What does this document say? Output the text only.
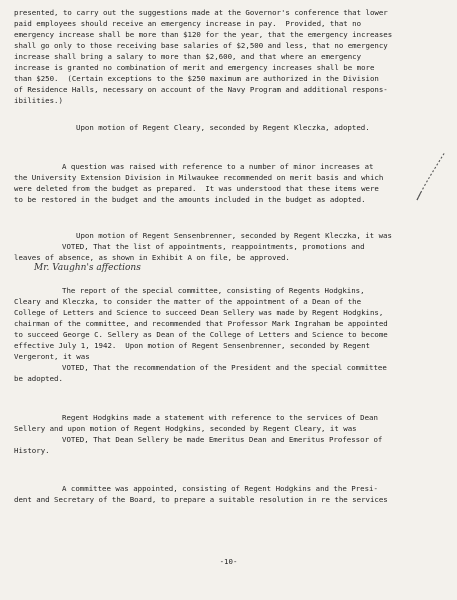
presented, to carry out the suggestions made at the Governor's conference that lower
paid employees should receive an emergency increase in pay.  Provided, that no
emergency increase shall be more than $120 for the year, that the emergency increases
shall go only to those receiving base salaries of $2,500 and less, that no emergency
increase shall bring a salary to more than $2,600, and that where an emergency
increase is granted no combination of merit and emergency increases shall be more
than $250.  (Certain exceptions to the $250 maximum are authorized in the Division
of Residence Halls, necessary on account of the Navy Program and additional respons-
ibilities.)
Upon motion of Regent Cleary, seconded by Regent Kleczka, adopted.
A question was raised with reference to a number of minor increases at
the University Extension Division in Milwaukee recommended on merit basis and which
were deleted from the budget as prepared.  It was understood that these items were
to be restored in the budget and the amounts included in the budget as adopted.
Upon motion of Regent Sensenbrenner, seconded by Regent Kleczka, it was
VOTED, That the list of appointments, reappointments, promotions and
leaves of absence, as shown in Exhibit A on file, be approved.
Mr. Vaughn's affections
The report of the special committee, consisting of Regents Hodgkins,
Cleary and Kleczka, to consider the matter of the appointment of a Dean of the
College of Letters and Science to succeed Dean Sellery was made by Regent Hodgkins,
chairman of the committee, and recommended that Professor Mark Ingraham be appointed
to succeed George C. Sellery as Dean of the College of Letters and Science to become
effective July 1, 1942.  Upon motion of Regent Sensenbrenner, seconded by Regent
Vergeront, it was
VOTED, That the recommendation of the President and the special committee
be adopted.
Regent Hodgkins made a statement with reference to the services of Dean
Sellery and upon motion of Regent Hodgkins, seconded by Regent Cleary, it was
VOTED, That Dean Sellery be made Emeritus Dean and Emeritus Professor of
History.
A committee was appointed, consisting of Regent Hodgkins and the Presi-
dent and Secretary of the Board, to prepare a suitable resolution in re the services
-10-
